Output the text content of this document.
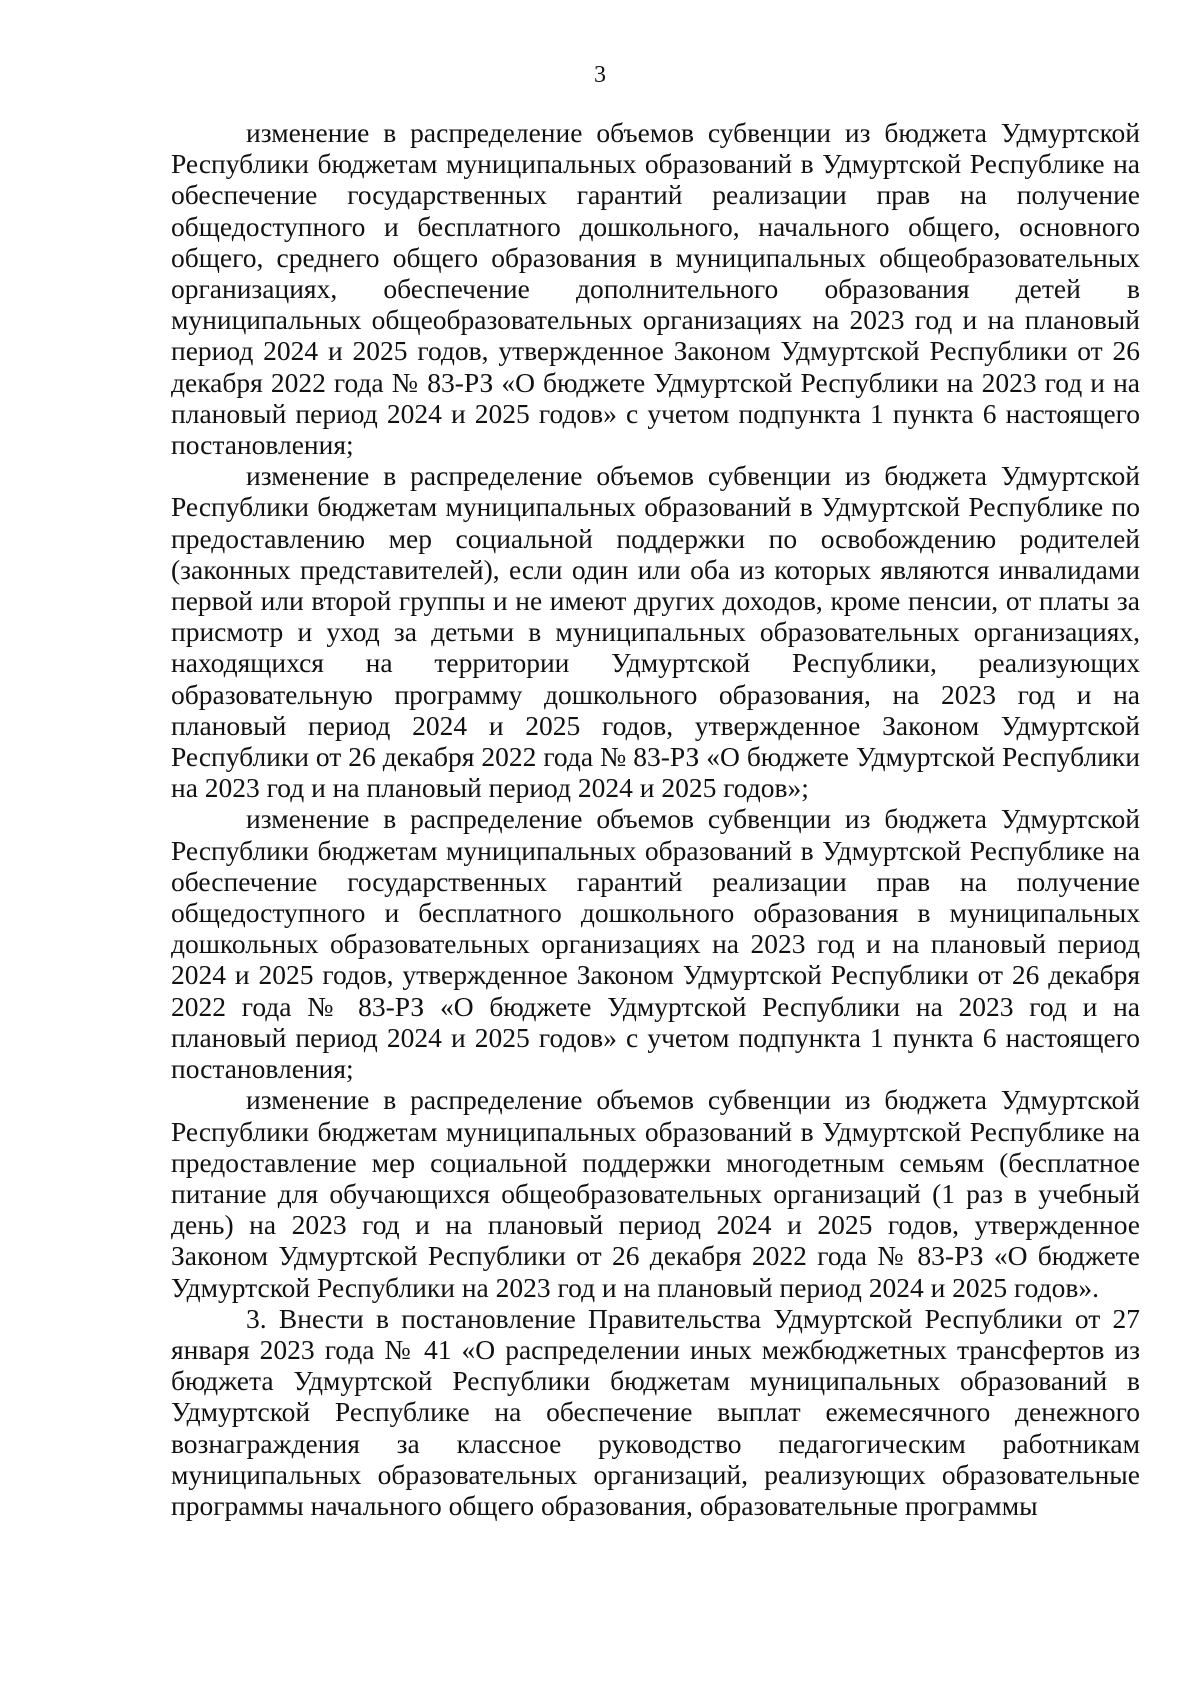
3

изменение в распределение объемов субвенции из бюджета Удмуртской Республики бюджетам муниципальных образований в Удмуртской Республике на обеспечение государственных гарантий реализации прав на получение общедоступного и бесплатного дошкольного, начального общего, основного общего, среднего общего образования в муниципальных общеобразовательных организациях, обеспечение дополнительного образования детей в муниципальных общеобразовательных организациях на 2023 год и на плановый период 2024 и 2025 годов, утвержденное Законом Удмуртской Республики от 26 декабря 2022 года № 83-РЗ «О бюджете Удмуртской Республики на 2023 год и на плановый период 2024 и 2025 годов» с учетом подпункта 1 пункта 6 настоящего постановления;

изменение в распределение объемов субвенции из бюджета Удмуртской Республики бюджетам муниципальных образований в Удмуртской Республике по предоставлению мер социальной поддержки по освобождению родителей (законных представителей), если один или оба из которых являются инвалидами первой или второй группы и не имеют других доходов, кроме пенсии, от платы за присмотр и уход за детьми в муниципальных образовательных организациях, находящихся на территории Удмуртской Республики, реализующих образовательную программу дошкольного образования, на 2023 год и на плановый период 2024 и 2025 годов, утвержденное Законом Удмуртской Республики от 26 декабря 2022 года № 83-РЗ «О бюджете Удмуртской Республики на 2023 год и на плановый период 2024 и 2025 годов»;

изменение в распределение объемов субвенции из бюджета Удмуртской Республики бюджетам муниципальных образований в Удмуртской Республике на обеспечение государственных гарантий реализации прав на получение общедоступного и бесплатного дошкольного образования в муниципальных дошкольных образовательных организациях на 2023 год и на плановый период 2024 и 2025 годов, утвержденное Законом Удмуртской Республики от 26 декабря 2022 года № 83-РЗ «О бюджете Удмуртской Республики на 2023 год и на плановый период 2024 и 2025 годов» с учетом подпункта 1 пункта 6 настоящего постановления;

изменение в распределение объемов субвенции из бюджета Удмуртской Республики бюджетам муниципальных образований в Удмуртской Республике на предоставление мер социальной поддержки многодетным семьям (бесплатное питание для обучающихся общеобразовательных организаций (1 раз в учебный день) на 2023 год и на плановый период 2024 и 2025 годов, утвержденное Законом Удмуртской Республики от 26 декабря 2022 года № 83-РЗ «О бюджете Удмуртской Республики на 2023 год и на плановый период 2024 и 2025 годов».

3. Внести в постановление Правительства Удмуртской Республики от 27 января 2023 года № 41 «О распределении иных межбюджетных трансфертов из бюджета Удмуртской Республики бюджетам муниципальных образований в Удмуртской Республике на обеспечение выплат ежемесячного денежного вознаграждения за классное руководство педагогическим работникам муниципальных образовательных организаций, реализующих образовательные программы начального общего образования, образовательные программы
